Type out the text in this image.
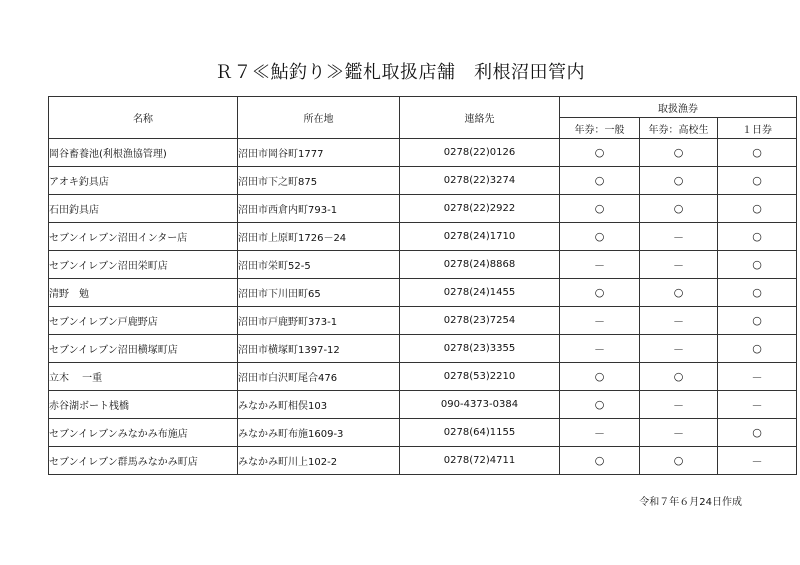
Ｒ７≪鮎釣り≫鑑札取扱店舗　利根沼田管内
名称	所在地	連絡先	取扱漁券		
			年券：一般	年券：高校生	１日券
岡谷畜養池(利根漁協管理)	沼田市岡谷町1777	0278(22)0126	○	○	○
アオキ釣具店	沼田市下之町875	0278(22)3274	○	○	○
石田釣具店	沼田市西倉内町793-1	0278(22)2922	○	○	○
セブンイレブン沼田インター店	沼田市上原町1726－24	0278(24)1710	○	－	○
セブンイレブン沼田栄町店	沼田市栄町52-5	0278(24)8868	－	－	○
清野　勉	沼田市下川田町65	0278(24)1455	○	○	○
セブンイレブン戸鹿野店	沼田市戸鹿野町373-1	0278(23)7254	－	－	○
セブンイレブン沼田横塚町店	沼田市横塚町1397-12	0278(23)3355	－	－	○
立木　 一重	沼田市白沢町尾合476	0278(53)2210	○	○	－
赤谷湖ボート桟橋	みなかみ町相俣103	090-4373-0384	○	－	－
セブンイレブンみなかみ布施店	みなかみ町布施1609-3	0278(64)1155	－	－	○
セブンイレブン群馬みなかみ町店	みなかみ町川上102-2	0278(72)4711	○	○	－
令和７年６月24日作成
